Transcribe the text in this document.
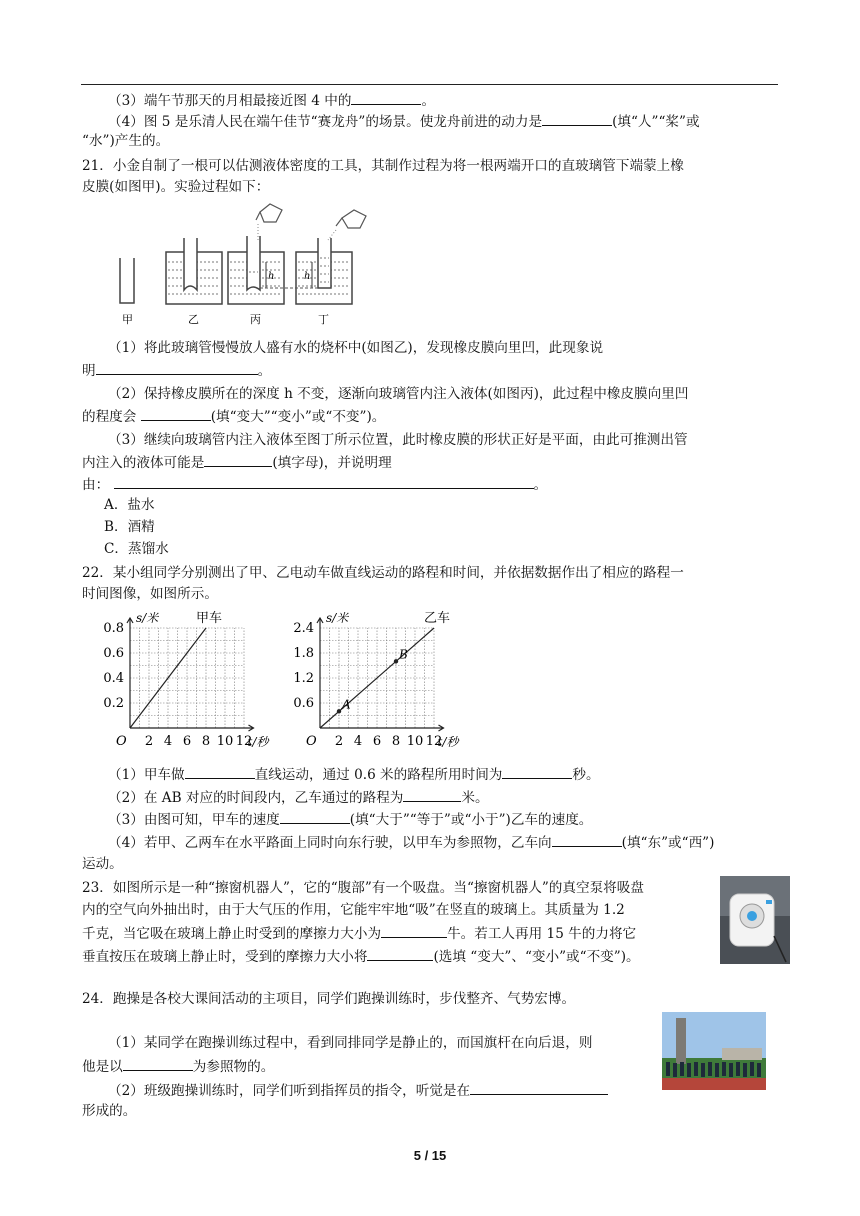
（3）端午节那天的月相最接近图 4 中的	。
（4）图 5 是乐清人民在端午佳节“赛龙舟”的场景。使龙舟前进的动力是	(填“人”“桨”或
“水”)产生的。
21．小金自制了一根可以估测液体密度的工具，其制作过程为将一根两端开口的直玻璃管下端蒙上橡
皮膜(如图甲)。实验过程如下：
h	h
甲	乙	丙	丁
（1）将此玻璃管慢慢放人盛有水的烧杯中(如图乙)，发现橡皮膜向里凹，此现象说
明	。
（2）保持橡皮膜所在的深度 h 不变，逐渐向玻璃管内注入液体(如图丙)，此过程中橡皮膜向里凹
的程度会	(填“变大”“变小”或“不变”)。
（3）继续向玻璃管内注入液体至图丁所示位置，此时橡皮膜的形状正好是平面，由此可推测出管
内注入的液体可能是	(填字母)，并说明理
由：	。
A．盐水
B．酒精
C．蒸馏水
22．某小组同学分别测出了甲、乙电动车做直线运动的路程和时间，并依据数据作出了相应的路程一
时间图像，如图所示。
2 4 6 8 10 12
0.2
0.4
0.6
0.8
O	t/秒
s/米	甲车
2 4 6 8 10 12
0.6
1.2
1.8
2.4
O	t/秒
s/米	乙车
A
B
（1）甲车做	直线运动，通过 0.6 米的路程所用时间为	秒。
（2）在 AB 对应的时间段内，乙车通过的路程为	米。
（3）由图可知，甲车的速度	(填“大于”“等于”或“小于”)乙车的速度。
（4）若甲、乙两车在水平路面上同时向东行驶，以甲车为参照物，乙车向	(填“东”或“西”)
运动。
23．如图所示是一种“擦窗机器人”，它的“腹部”有一个吸盘。当“擦窗机器人”的真空泵将吸盘
内的空气向外抽出时，由于大气压的作用，它能牢牢地“吸”在竖直的玻璃上。其质量为 1.2
千克，当它吸在玻璃上静止时受到的摩擦力大小为	牛。若工人再用 15 牛的力将它
垂直按压在玻璃上静止时，受到的摩擦力大小将	(选填 “变大”、“变小”或“不变”)。
24．跑操是各校大课间活动的主项目，同学们跑操训练时，步伐整齐、气势宏博。
（1）某同学在跑操训练过程中，看到同排同学是静止的，而国旗杆在向后退，则
他是以	为参照物的。
（2）班级跑操训练时，同学们听到指挥员的指令，听觉是在
形成的。
5 / 15
